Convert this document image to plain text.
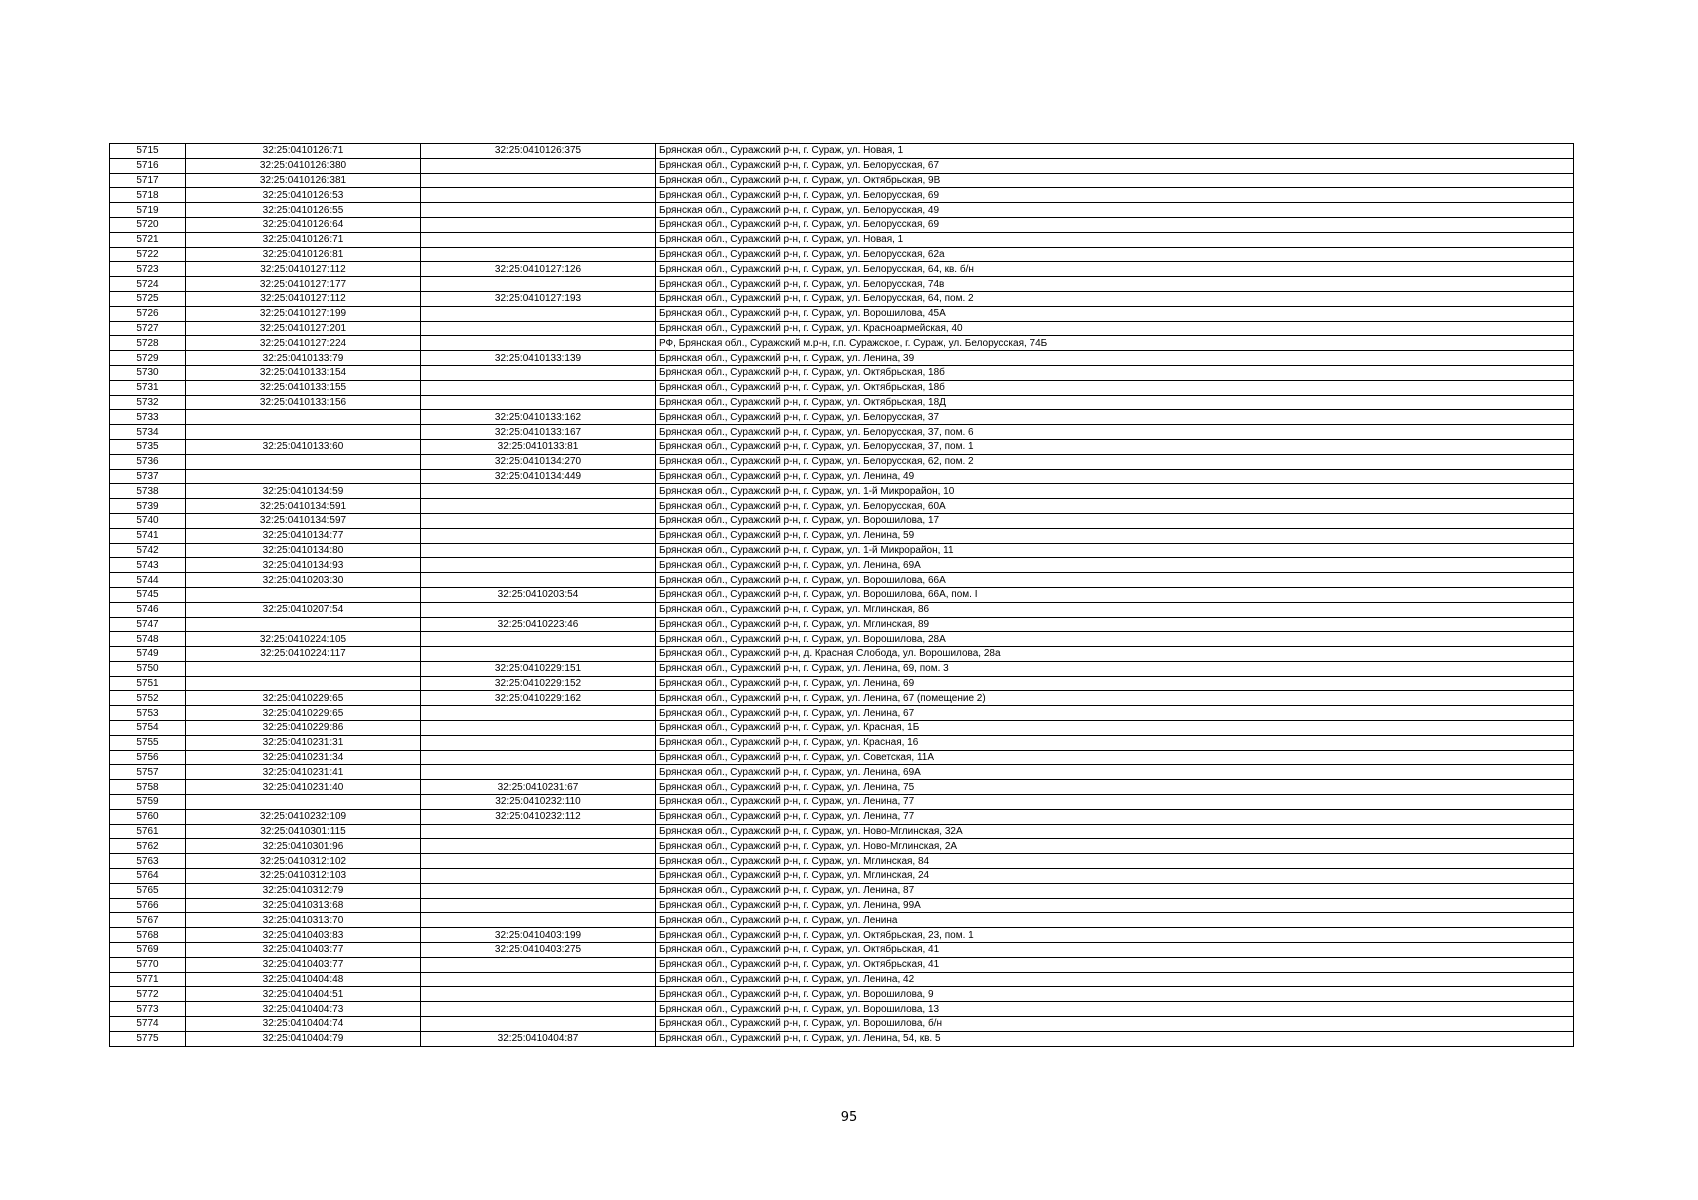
5715	32:25:0410126:71	32:25:0410126:375	Брянская обл., Суражский р-н, г. Сураж, ул. Новая, 1
5716	32:25:0410126:380		Брянская обл., Суражский р-н, г. Сураж, ул. Белорусская, 67
5717	32:25:0410126:381		Брянская обл., Суражский р-н, г. Сураж, ул. Октябрьская, 9В
5718	32:25:0410126:53		Брянская обл., Суражский р-н, г. Сураж, ул. Белорусская, 69
5719	32:25:0410126:55		Брянская обл., Суражский р-н, г. Сураж, ул. Белорусская, 49
5720	32:25:0410126:64		Брянская обл., Суражский р-н, г. Сураж, ул. Белорусская, 69
5721	32:25:0410126:71		Брянская обл., Суражский р-н, г. Сураж, ул. Новая, 1
5722	32:25:0410126:81		Брянская обл., Суражский р-н, г. Сураж, ул. Белорусская, 62а
5723	32:25:0410127:112	32:25:0410127:126	Брянская обл., Суражский р-н, г. Сураж, ул. Белорусская, 64, кв. б/н
5724	32:25:0410127:177		Брянская обл., Суражский р-н, г. Сураж, ул. Белорусская, 74в
5725	32:25:0410127:112	32:25:0410127:193	Брянская обл., Суражский р-н, г. Сураж, ул. Белорусская, 64, пом. 2
5726	32:25:0410127:199		Брянская обл., Суражский р-н, г. Сураж, ул. Ворошилова, 45А
5727	32:25:0410127:201		Брянская обл., Суражский р-н, г. Сураж, ул. Красноармейская, 40
5728	32:25:0410127:224		РФ, Брянская обл., Суражский м.р-н, г.п. Суражское, г. Сураж, ул. Белорусская, 74Б
5729	32:25:0410133:79	32:25:0410133:139	Брянская обл., Суражский р-н, г. Сураж, ул. Ленина, 39
5730	32:25:0410133:154		Брянская обл., Суражский р-н, г. Сураж, ул. Октябрьская, 18б
5731	32:25:0410133:155		Брянская обл., Суражский р-н, г. Сураж, ул. Октябрьская, 18б
5732	32:25:0410133:156		Брянская обл., Суражский р-н, г. Сураж, ул. Октябрьская, 18Д
5733		32:25:0410133:162	Брянская обл., Суражский р-н, г. Сураж, ул. Белорусская, 37
5734		32:25:0410133:167	Брянская обл., Суражский р-н, г. Сураж, ул. Белорусская, 37, пом. 6
5735	32:25:0410133:60	32:25:0410133:81	Брянская обл., Суражский р-н, г. Сураж, ул. Белорусская, 37, пом. 1
5736		32:25:0410134:270	Брянская обл., Суражский р-н, г. Сураж, ул. Белорусская, 62, пом. 2
5737		32:25:0410134:449	Брянская обл., Суражский р-н, г. Сураж, ул. Ленина, 49
5738	32:25:0410134:59		Брянская обл., Суражский р-н, г. Сураж, ул. 1-й Микрорайон, 10
5739	32:25:0410134:591		Брянская обл., Суражский р-н, г. Сураж, ул. Белорусская, 60А
5740	32:25:0410134:597		Брянская обл., Суражский р-н, г. Сураж, ул. Ворошилова, 17
5741	32:25:0410134:77		Брянская обл., Суражский р-н, г. Сураж, ул. Ленина, 59
5742	32:25:0410134:80		Брянская обл., Суражский р-н, г. Сураж, ул. 1-й Микрорайон, 11
5743	32:25:0410134:93		Брянская обл., Суражский р-н, г. Сураж, ул. Ленина, 69А
5744	32:25:0410203:30		Брянская обл., Суражский р-н, г. Сураж, ул. Ворошилова, 66А
5745		32:25:0410203:54	Брянская обл., Суражский р-н, г. Сураж, ул. Ворошилова, 66А, пом. I
5746	32:25:0410207:54		Брянская обл., Суражский р-н, г. Сураж, ул. Мглинская, 86
5747		32:25:0410223:46	Брянская обл., Суражский р-н, г. Сураж, ул. Мглинская, 89
5748	32:25:0410224:105		Брянская обл., Суражский р-н, г. Сураж, ул. Ворошилова, 28А
5749	32:25:0410224:117		Брянская обл., Суражский р-н, д. Красная Слобода, ул. Ворошилова, 28а
5750		32:25:0410229:151	Брянская обл., Суражский р-н, г. Сураж, ул. Ленина, 69, пом. 3
5751		32:25:0410229:152	Брянская обл., Суражский р-н, г. Сураж, ул. Ленина, 69
5752	32:25:0410229:65	32:25:0410229:162	Брянская обл., Суражский р-н, г. Сураж, ул. Ленина, 67 (помещение 2)
5753	32:25:0410229:65		Брянская обл., Суражский р-н, г. Сураж, ул. Ленина, 67
5754	32:25:0410229:86		Брянская обл., Суражский р-н, г. Сураж, ул. Красная, 1Б
5755	32:25:0410231:31		Брянская обл., Суражский р-н, г. Сураж, ул. Красная, 16
5756	32:25:0410231:34		Брянская обл., Суражский р-н, г. Сураж, ул. Советская, 11А
5757	32:25:0410231:41		Брянская обл., Суражский р-н, г. Сураж, ул. Ленина, 69А
5758	32:25:0410231:40	32:25:0410231:67	Брянская обл., Суражский р-н, г. Сураж, ул. Ленина, 75
5759		32:25:0410232:110	Брянская обл., Суражский р-н, г. Сураж, ул. Ленина, 77
5760	32:25:0410232:109	32:25:0410232:112	Брянская обл., Суражский р-н, г. Сураж, ул. Ленина, 77
5761	32:25:0410301:115		Брянская обл., Суражский р-н, г. Сураж, ул. Ново-Мглинская, 32А
5762	32:25:0410301:96		Брянская обл., Суражский р-н, г. Сураж, ул. Ново-Мглинская, 2А
5763	32:25:0410312:102		Брянская обл., Суражский р-н, г. Сураж, ул. Мглинская, 84
5764	32:25:0410312:103		Брянская обл., Суражский р-н, г. Сураж, ул. Мглинская, 24
5765	32:25:0410312:79		Брянская обл., Суражский р-н, г. Сураж, ул. Ленина, 87
5766	32:25:0410313:68		Брянская обл., Суражский р-н, г. Сураж, ул. Ленина, 99А
5767	32:25:0410313:70		Брянская обл., Суражский р-н, г. Сураж, ул. Ленина
5768	32:25:0410403:83	32:25:0410403:199	Брянская обл., Суражский р-н, г. Сураж, ул. Октябрьская, 23, пом. 1
5769	32:25:0410403:77	32:25:0410403:275	Брянская обл., Суражский р-н, г. Сураж, ул. Октябрьская, 41
5770	32:25:0410403:77		Брянская обл., Суражский р-н, г. Сураж, ул. Октябрьская, 41
5771	32:25:0410404:48		Брянская обл., Суражский р-н, г. Сураж, ул. Ленина, 42
5772	32:25:0410404:51		Брянская обл., Суражский р-н, г. Сураж, ул. Ворошилова, 9
5773	32:25:0410404:73		Брянская обл., Суражский р-н, г. Сураж, ул. Ворошилова, 13
5774	32:25:0410404:74		Брянская обл., Суражский р-н, г. Сураж, ул. Ворошилова, б/н
5775	32:25:0410404:79	32:25:0410404:87	Брянская обл., Суражский р-н, г. Сураж, ул. Ленина, 54, кв. 5
95
